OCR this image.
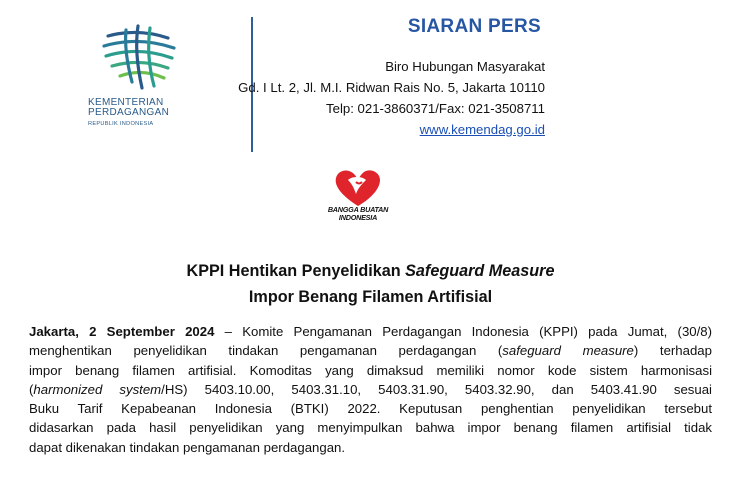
KEMENTERIAN
PERDAGANGAN
REPUBLIK INDONESIA
SIARAN PERS
Biro Hubungan Masyarakat
Gd. I Lt. 2, Jl. M.I. Ridwan Rais No. 5, Jakarta 10110
Telp: 021-3860371/Fax: 021-3508711
www.kemendag.go.id
BANGGA BUATAN
INDONESIA
KPPI Hentikan Penyelidikan Safeguard Measure
Impor Benang Filamen Artifisial
Jakarta, 2 September 2024 – Komite Pengamanan Perdagangan Indonesia (KPPI) pada Jumat, (30/8)
menghentikan penyelidikan tindakan pengamanan perdagangan (safeguard measure) terhadap
impor benang filamen artifisial. Komoditas yang dimaksud memiliki nomor kode sistem harmonisasi
(harmonized system/HS) 5403.10.00, 5403.31.10, 5403.31.90, 5403.32.90, dan 5403.41.90 sesuai
Buku Tarif Kepabeanan Indonesia (BTKI) 2022. Keputusan penghentian penyelidikan tersebut
didasarkan pada hasil penyelidikan yang menyimpulkan bahwa impor benang filamen artifisial tidak
dapat dikenakan tindakan pengamanan perdagangan.
